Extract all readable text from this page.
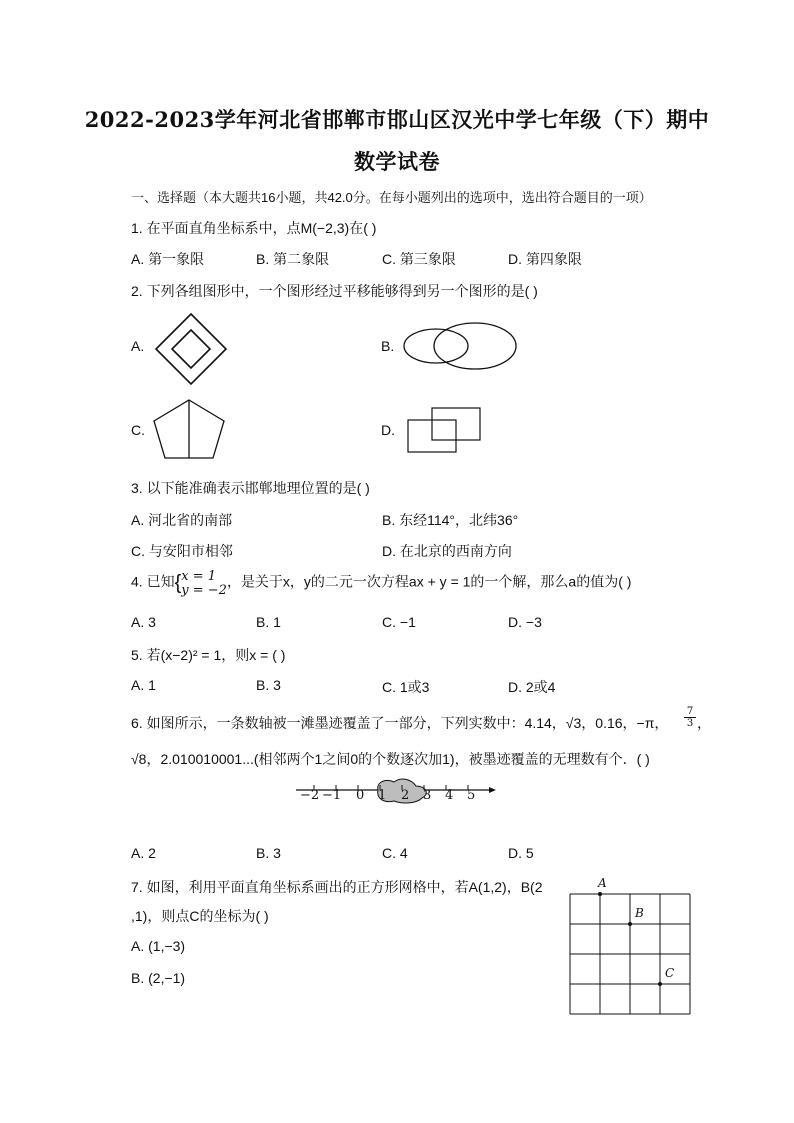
2022-2023学年河北省邯郸市邯山区汉光中学七年级（下）期中
数学试卷
一、选择题（本大题共16小题，共42.0分。在每小题列出的选项中，选出符合题目的一项）
1. 在平面直角坐标系中，点M(−2,3)在( )
A. 第一象限	B. 第二象限	C. 第三象限	D. 第四象限
2. 下列各组图形中，一个图形经过平移能够得到另一个图形的是( )
A.	B.
C.	D.
3. 以下能准确表示邯郸地理位置的是( )
A. 河北省的南部	B. 东经114°，北纬36°
C. 与安阳市相邻	D. 在北京的西南方向
4. 已知{x = 1
y = −2，是关于x，y的二元一次方程ax + y = 1的一个解，那么a的值为( )
A. 3	B. 1	C. −1	D. −3
5. 若(x−2)² = 1，则x = ( )
A. 1	B. 3	C. 1或3	D. 2或4
6. 如图所示，一条数轴被一滩墨迹覆盖了一部分，下列实数中：4.14，√3，0.16，−π， $\frac{7}{3}$ ，
√8，2.010010001...(相邻两个1之间0的个数逐次加1)，被墨迹覆盖的无理数有个．( )
−2 −1 0 1 2 3 4 5
A. 2	B. 3	C. 4	D. 5
7. 如图，利用平面直角坐标系画出的正方形网格中，若A(1,2)，B(2
,1)，则点C的坐标为( )
A. (1,−3)
B. (2,−1)
A
B
C
